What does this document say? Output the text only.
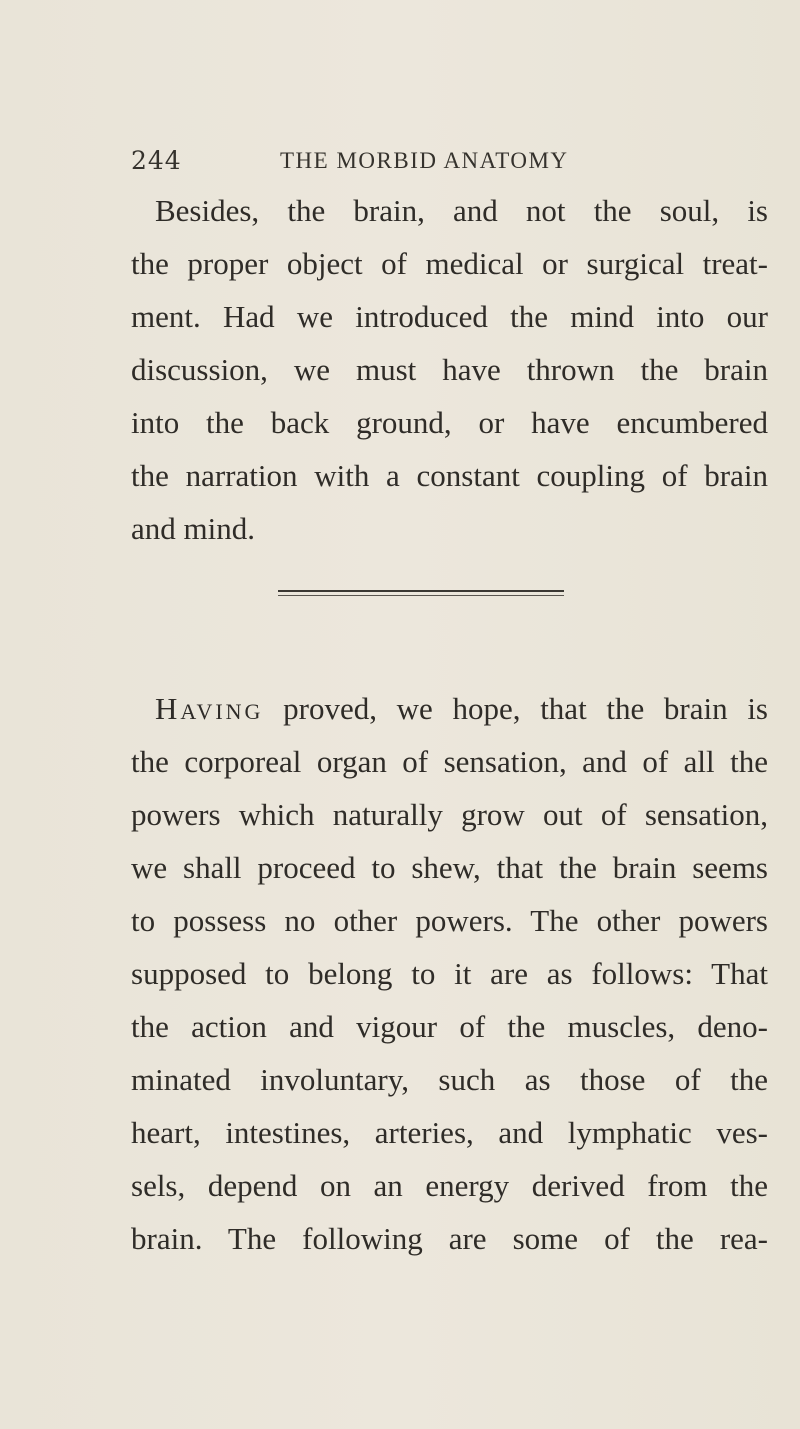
244	THE MORBID ANATOMY
Besides, the brain, and not the soul, is
the proper object of medical or surgical treat-
ment. Had we introduced the mind into our
discussion, we must have thrown the brain
into the back ground, or have encumbered
the narration with a constant coupling of brain
and mind.
Having proved, we hope, that the brain is
the corporeal organ of sensation, and of all the
powers which naturally grow out of sensation,
we shall proceed to shew, that the brain seems
to possess no other powers. The other powers
supposed to belong to it are as follows: That
the action and vigour of the muscles, deno-
minated involuntary, such as those of the
heart, intestines, arteries, and lymphatic ves-
sels, depend on an energy derived from the
brain. The following are some of the rea-
